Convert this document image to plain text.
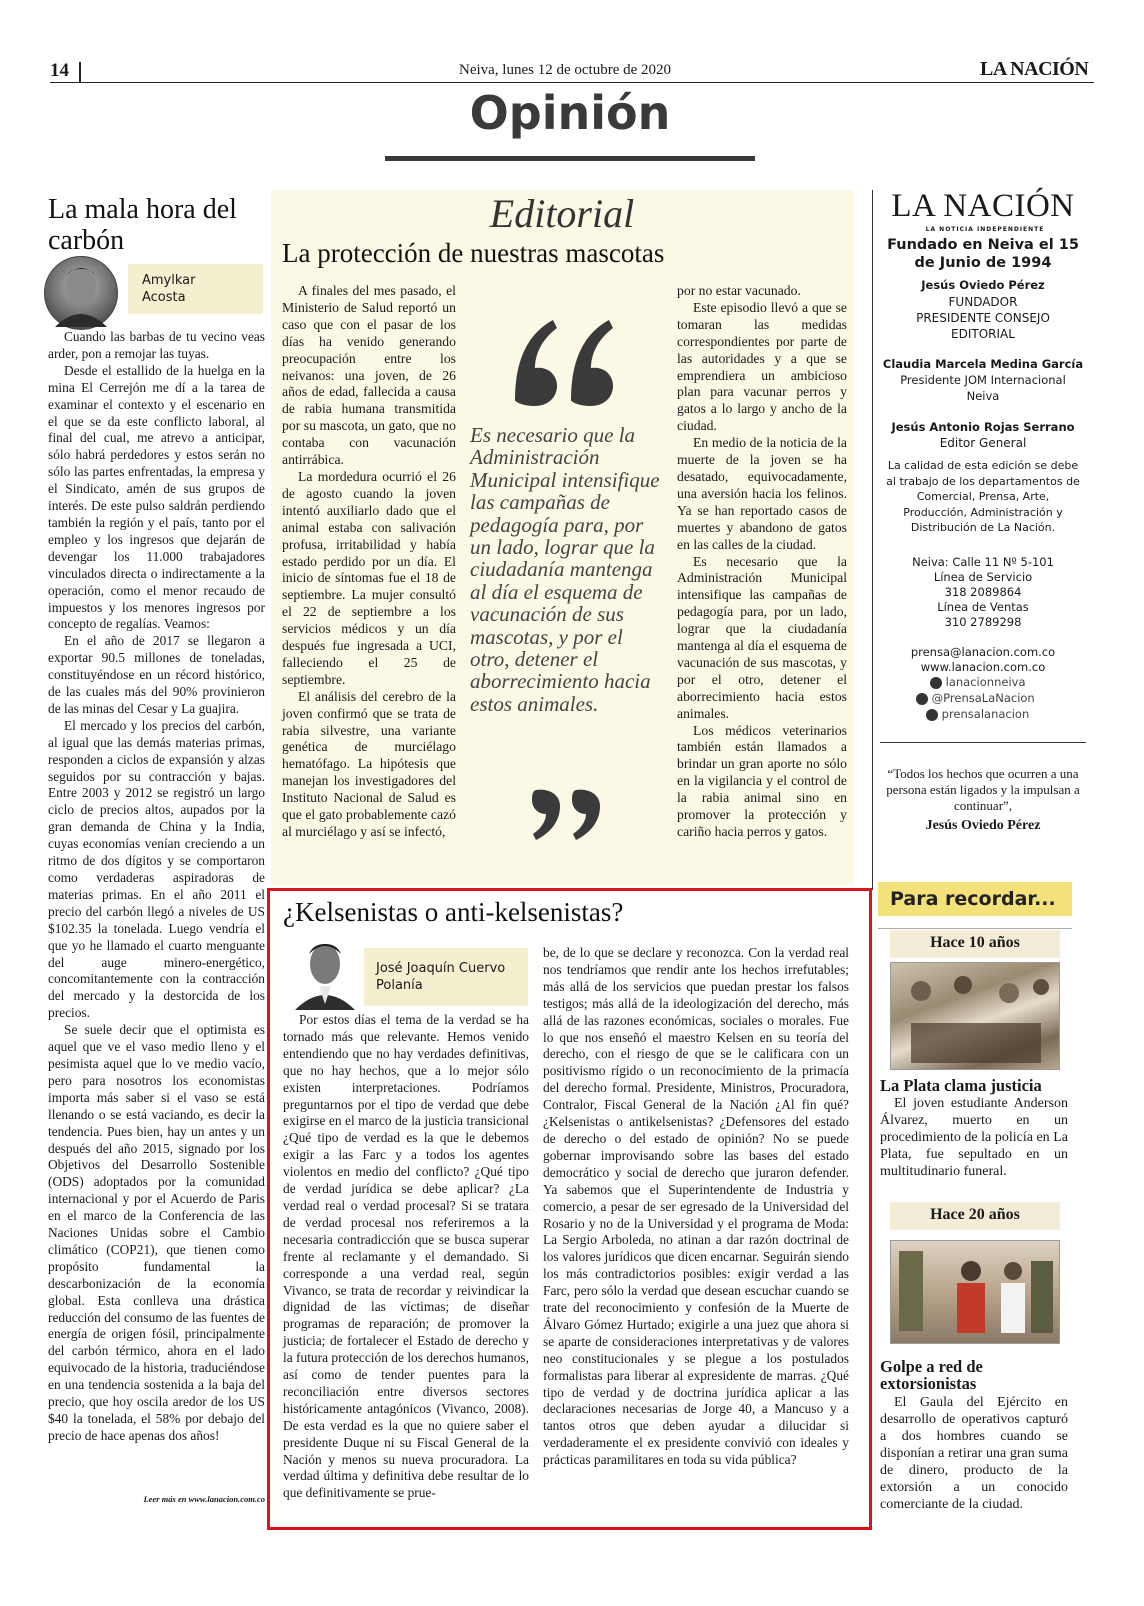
14	Neiva, lunes 12 de octubre de 2020	LA NACIÓN
Opinión
La mala hora del carbón
Amylkar Acosta

Cuando las barbas de tu vecino veas arder, pon a remojar las tuyas.

Desde el estallido de la huelga en la mina El Cerrejón me dí a la tarea de examinar el contexto y el escenario en el que se da este conflicto laboral, al final del cual, me atrevo a anticipar, sólo habrá perdedores y estos serán no sólo las partes enfrentadas, la empresa y el Sindicato, amén de sus grupos de interés. De este pulso saldrán perdiendo también la región y el país, tanto por el empleo y los ingresos que dejarán de devengar los 11.000 trabajadores vinculados directa o indirectamente a la operación, como el menor recaudo de impuestos y los menores ingresos por concepto de regalías. Veamos:

En el año de 2017 se llegaron a exportar 90.5 millones de toneladas, constituyéndose en un récord histórico, de las cuales más del 90% provinieron de las minas del Cesar y La guajira.

El mercado y los precios del carbón, al igual que las demás materias primas, responden a ciclos de expansión y alzas seguidos por su contracción y bajas. Entre 2003 y 2012 se registró un largo ciclo de precios altos, aupados por la gran demanda de China y la India, cuyas economías venían creciendo a un ritmo de dos dígitos y se comportaron como verdaderas aspiradoras de materias primas. En el año 2011 el precio del carbón llegó a niveles de US $102.35 la tonelada. Luego vendría el que yo he llamado el cuarto menguante del auge minero-energético, concomitantemente con la contracción del mercado y la destorcida de los precios.

Se suele decir que el optimista es aquel que ve el vaso medio lleno y el pesimista aquel que lo ve medio vacío, pero para nosotros los economistas importa más saber si el vaso se está llenando o se está vaciando, es decir la tendencia. Pues bien, hay un antes y un después del año 2015, signado por los Objetivos del Desarrollo Sostenible (ODS) adoptados por la comunidad internacional y por el Acuerdo de Paris en el marco de la Conferencia de las Naciones Unidas sobre el Cambio climático (COP21), que tienen como propósito fundamental la descarbonización de la economía global. Esta conlleva una drástica reducción del consumo de las fuentes de energía de origen fósil, principalmente del carbón térmico, ahora en el lado equivocado de la historia, traduciéndose en una tendencia sostenida a la baja del precio, que hoy oscila aredor de los US $40 la tonelada, el 58% por debajo del precio de hace apenas dos años!

Leer más en www.lanacion.com.co
Editorial
La protección de nuestras mascotas

A finales del mes pasado, el Ministerio de Salud reportó un caso que con el pasar de los días ha venido generando preocupación entre los neivanos: una joven, de 26 años de edad, fallecida a causa de rabia humana transmitida por su mascota, un gato, que no contaba con vacunación antirrábica.

La mordedura ocurrió el 26 de agosto cuando la joven intentó auxiliarlo dado que el animal estaba con salivación profusa, irritabilidad y había estado perdido por un día. El inicio de síntomas fue el 18 de septiembre. La mujer consultó el 22 de septiembre a los servicios médicos y un día después fue ingresada a UCI, falleciendo el 25 de septiembre.

El análisis del cerebro de la joven confirmó que se trata de rabia silvestre, una variante genética de murciélago hematófago. La hipótesis que manejan los investigadores del Instituto Nacional de Salud es que el gato probablemente cazó al murciélago y así se infectó,

Es necesario que la Administración Municipal intensifique las campañas de pedagogía para, por un lado, lograr que la ciudadanía mantenga al día el esquema de vacunación de sus mascotas, y por el otro, detener el aborrecimiento hacia estos animales.

por no estar vacunado.

Este episodio llevó a que se tomaran las medidas correspondientes por parte de las autoridades y a que se emprendiera un ambicioso plan para vacunar perros y gatos a lo largo y ancho de la ciudad.

En medio de la noticia de la muerte de la joven se ha desatado, equivocadamente, una aversión hacia los felinos. Ya se han reportado casos de muertes y abandono de gatos en las calles de la ciudad.

Es necesario que la Administración Municipal intensifique las campañas de pedagogía para, por un lado, lograr que la ciudadanía mantenga al día el esquema de vacunación de sus mascotas, y por el otro, detener el aborrecimiento hacia estos animales.

Los médicos veterinarios también están llamados a brindar un gran aporte no sólo en la vigilancia y el control de la rabia animal sino en promover la protección y cariño hacia perros y gatos.

¿Kelsenistas o anti-kelsenistas?
José Joaquín Cuervo Polanía

Por estos días el tema de la verdad se ha tornado más que relevante. Hemos venido entendiendo que no hay verdades definitivas, que no hay hechos, que a lo mejor sólo existen interpretaciones. Podríamos preguntarnos por el tipo de verdad que debe exigirse en el marco de la justicia transicional ¿Qué tipo de verdad es la que le debemos exigir a las Farc y a todos los agentes violentos en medio del conflicto? ¿Qué tipo de verdad jurídica se debe aplicar? ¿La verdad real o verdad procesal? Si se tratara de verdad procesal nos referiremos a la necesaria contradicción que se busca superar frente al reclamante y el demandado. Si corresponde a una verdad real, según Vivanco, se trata de recordar y reivindicar la dignidad de las víctimas; de diseñar programas de reparación; de promover la justicia; de fortalecer el Estado de derecho y la futura protección de los derechos humanos, así como de tender puentes para la reconciliación entre diversos sectores históricamente antagónicos (Vivanco, 2008). De esta verdad es la que no quiere saber el presidente Duque ni su Fiscal General de la Nación y menos su nueva procuradora. La verdad última y definitiva debe resultar de lo que definitivamente se prue-

be, de lo que se declare y reconozca. Con la verdad real nos tendríamos que rendir ante los hechos irrefutables; más allá de los servicios que puedan prestar los falsos testigos; más allá de la ideologización del derecho, más allá de las razones económicas, sociales o morales. Fue lo que nos enseñó el maestro Kelsen en su teoría del derecho, con el riesgo de que se le calificara con un positivismo rígido o un reconocimiento de la primacía del derecho formal. Presidente, Ministros, Procuradora, Contralor, Fiscal General de la Nación ¿Al fin qué? ¿Kelsenistas o antikelsenistas? ¿Defensores del estado de derecho o del estado de opinión? No se puede gobernar improvisando sobre las bases del estado democrático y social de derecho que juraron defender. Ya sabemos que el Superintendente de Industria y comercio, a pesar de ser egresado de la Universidad del Rosario y no de la Universidad y el programa de Moda: La Sergio Arboleda, no atinan a dar razón doctrinal de los valores jurídicos que dicen encarnar. Seguirán siendo los más contradictorios posibles: exigir verdad a las Farc, pero sólo la verdad que desean escuchar cuando se trate del reconocimiento y confesión de la Muerte de Álvaro Gómez Hurtado; exigirle a una juez que ahora si se aparte de consideraciones interpretativas y de valores neo constitucionales y se plegue a los postulados formalistas para liberar al expresidente de marras. ¿Qué tipo de verdad y de doctrina jurídica aplicar a las declaraciones necesarias de Jorge 40, a Mancuso y a tantos otros que deben ayudar a dilucidar si verdaderamente el ex presidente convivió con ideales y prácticas paramilitares en toda su vida pública?

LA NACIÓN
LA NOTICIA INDEPENDIENTE
Fundado en Neiva el 15 de Junio de 1994
Jesús Oviedo Pérez
FUNDADOR
PRESIDENTE CONSEJO EDITORIAL
Claudia Marcela Medina García
Presidente JOM Internacional Neiva
Jesús Antonio Rojas Serrano
Editor General
La calidad de esta edición se debe al trabajo de los departamentos de Comercial, Prensa, Arte, Producción, Administración y Distribución de La Nación.
Neiva: Calle 11 Nº 5-101
Línea de Servicio
318 2089864
Línea de Ventas
310 2789298
prensa@lanacion.com.co
www.lanacion.com.co
lanacionneiva
@PrensaLaNacion
prensalanacion
“Todos los hechos que ocurren a una persona están ligados y la impulsan a continuar”,
Jesús Oviedo Pérez
Para recordar...
Hace 10 años
La Plata clama justicia
El joven estudiante Anderson Álvarez, muerto en un procedimiento de la policía en La Plata, fue sepultado en un multitudinario funeral.
Hace 20 años
Golpe a red de extorsionistas
El Gaula del Ejército en desarrollo de operativos capturó a dos hombres cuando se disponían a retirar una gran suma de dinero, producto de la extorsión a un conocido comerciante de la ciudad.
